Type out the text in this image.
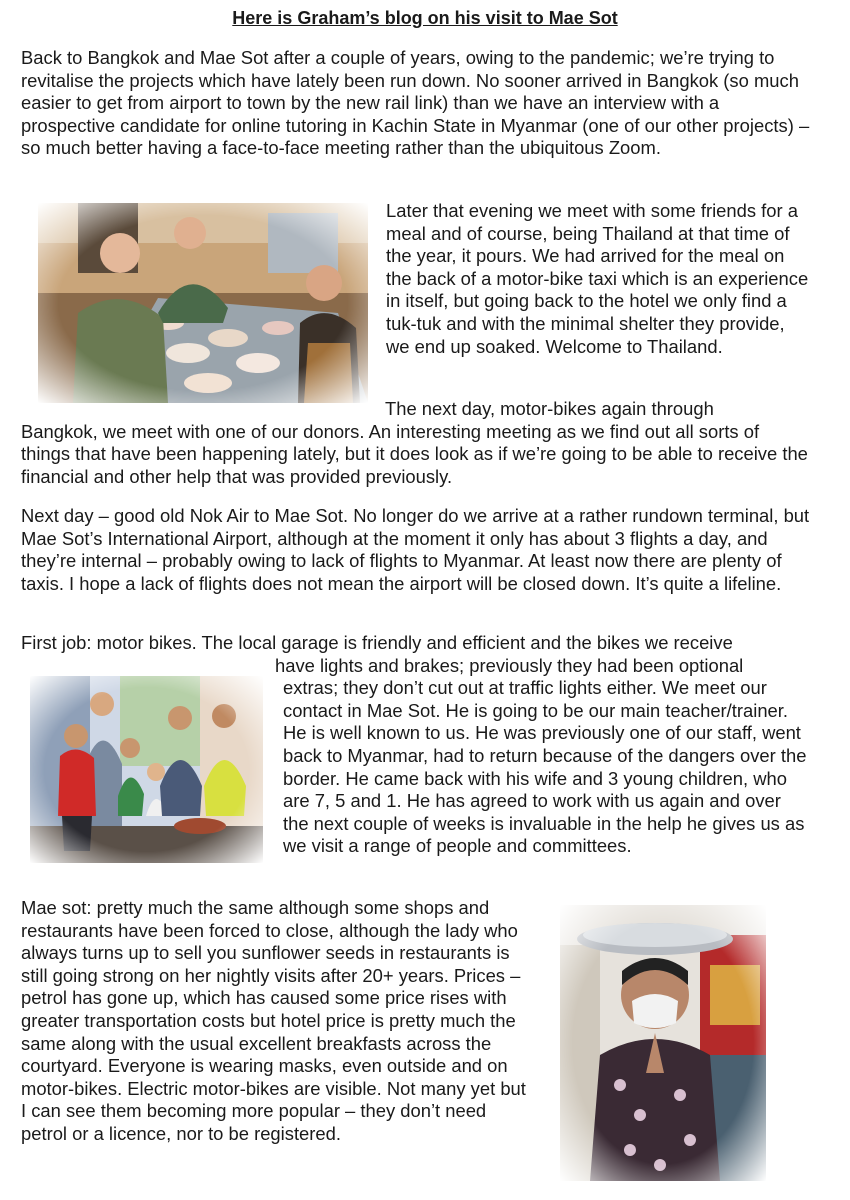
Here is Graham’s blog on his visit to Mae Sot

Back to Bangkok and Mae Sot after a couple of years, owing to the pandemic; we’re trying to revitalise the projects which have lately been run down. No sooner arrived in Bangkok (so much easier to get from airport to town by the new rail link) than we have an interview with a prospective candidate for online tutoring in Kachin State in Myanmar (one of our other projects) – so much better having a face-to-face meeting rather than the ubiquitous Zoom.

Later that evening we meet with some friends for a meal and of course, being Thailand at that time of the year, it pours. We had arrived for the meal on the back of a motor-bike taxi which is an experience in itself, but going back to the hotel we only find a tuk-tuk and with the minimal shelter they provide, we end up soaked. Welcome to Thailand.

The next day, motor-bikes again through

Bangkok, we meet with one of our donors. An interesting meeting as we find out all sorts of things that have been happening lately, but it does look as if we’re going to be able to receive the financial and other help that was provided previously.

Next day – good old Nok Air to Mae Sot. No longer do we arrive at a rather rundown terminal, but Mae Sot’s International Airport, although at the moment it only has about 3 flights a day, and they’re internal – probably owing to lack of flights to Myanmar. At least now there are plenty of taxis. I hope a lack of flights does not mean the airport will be closed down. It’s quite a lifeline.

First job: motor bikes. The local garage is friendly and efficient and the bikes we receive

have lights and brakes; previously they had been optional

extras; they don’t cut out at traffic lights either. We meet our contact in Mae Sot. He is going to be our main teacher/trainer. He is well known to us. He was previously one of our staff, went back to Myanmar, had to return because of the dangers over the border. He came back with his wife and 3 young children, who are 7, 5 and 1. He has agreed to work with us again and over the next couple of weeks is invaluable in the help he gives us as we visit a range of people and committees.

Mae sot: pretty much the same although some shops and restaurants have been forced to close, although the lady who always turns up to sell you sunflower seeds in restaurants is still going strong on her nightly visits after 20+ years. Prices – petrol has gone up, which has caused some price rises with greater transportation costs but hotel price is pretty much the same along with the usual excellent breakfasts across the courtyard. Everyone is wearing masks, even outside and on motor-bikes. Electric motor-bikes are visible. Not many yet but I can see them becoming more popular – they don’t need petrol or a licence, nor to be registered.
